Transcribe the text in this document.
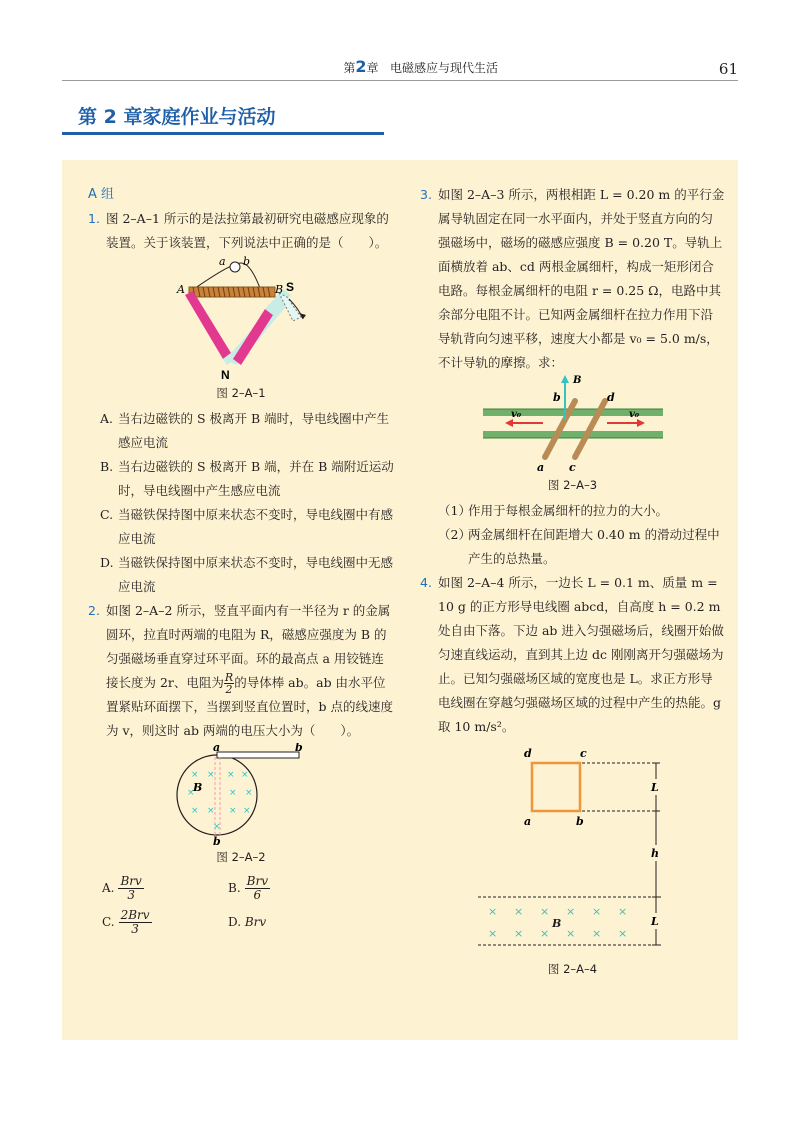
第2章 电磁感应与现代生活	61
第 2 章家庭作业与活动
A 组
1. 图 2–A–1 所示的是法拉第最初研究电磁感应现象的装置。关于该装置，下列说法中正确的是（　　）。
a b
A	B S
N
图 2–A–1
A. 当右边磁铁的 S 极离开 B 端时，导电线圈中产生感应电流
B. 当右边磁铁的 S 极离开 B 端，并在 B 端附近运动时，导电线圈中产生感应电流
C. 当磁铁保持图中原来状态不变时，导电线圈中有感应电流
D. 当磁铁保持图中原来状态不变时，导电线圈中无感应电流
2. 如图 2–A–2 所示，竖直平面内有一半径为 r 的金属圆环，拉直时两端的电阻为 R，磁感应强度为 B 的匀强磁场垂直穿过环平面。环的最高点 a 用铰链连接长度为 2r、电阻为 $\frac{R}{2}$ 的导体棒 ab。ab 由水平位置紧贴环面摆下，当摆到竖直位置时，b 点的线速度为 v，则这时 ab 两端的电压大小为（　　）。
× × × ×
×	× ×
× × × ×
×
a	b
B
b
图 2–A–2
A. $\frac{\text{Brv}}{3}$	B. $\frac{\text{Brv}}{6}$
C. $\frac{\text{2Brv}}{3}$	D.
Brv
3. 如图 2–A–3 所示，两根相距 L = 0.20 m 的平行金属导轨固定在同一水平面内，并处于竖直方向的匀强磁场中，磁场的磁感应强度 B = 0.20 T。导轨上面横放着 ab、cd 两根金属细杆，构成一矩形闭合电路。每根金属细杆的电阻 r = 0.25 Ω，电路中其余部分电阻不计。已知两金属细杆在拉力作用下沿导轨背向匀速平移，速度大小都是 v₀ = 5.0 m/s，不计导轨的摩擦。求：
B
b	d
a c
v₀	v₀
图 2–A–3
（1）
作用于每根金属细杆的拉力的大小。
（2）
两金属细杆在间距增大 0.40 m 的滑动过程中产生的总热量。
4. 如图 2–A–4 所示，一边长 L = 0.1 m、质量 m = 10 g 的正方形导电线圈 abcd，自高度 h = 0.2 m 处自由下落。下边 ab 进入匀强磁场后，线圈开始做匀速直线运动，直到其上边 dc 刚刚离开匀强磁场为止。已知匀强磁场区域的宽度也是 L。求正方形导电线圈在穿越匀强磁场区域的过程中产生的热能。g 取 10 m/s²。
× × × × × ×
× × × × × ×
d	c
a	b
L
h
L
B
图 2–A–4
